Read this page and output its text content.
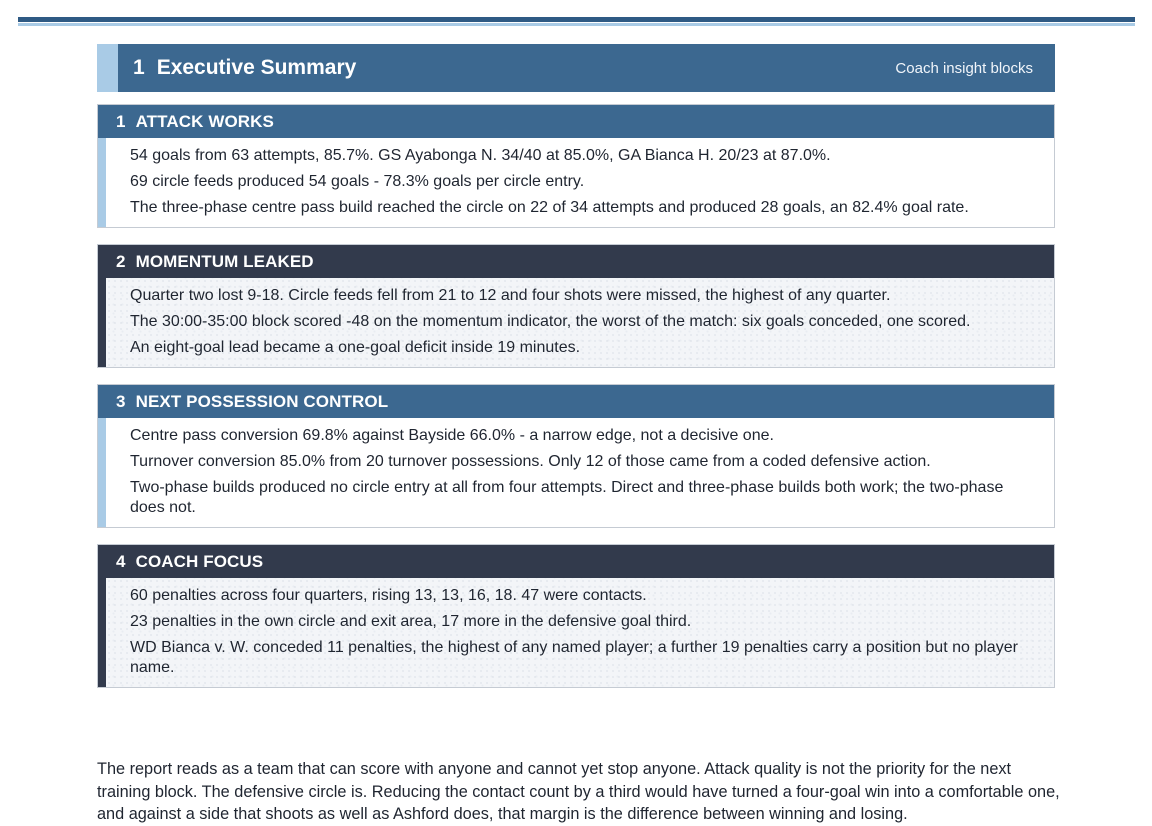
1 Executive Summary	Coach insight blocks
1 ATTACK WORKS

54 goals from 63 attempts, 85.7%. GS Ayabonga N. 34/40 at 85.0%, GA Bianca H. 20/23 at 87.0%.

69 circle feeds produced 54 goals - 78.3% goals per circle entry.

The three-phase centre pass build reached the circle on 22 of 34 attempts and produced 28 goals, an 82.4% goal rate.

2 MOMENTUM LEAKED

Quarter two lost 9-18. Circle feeds fell from 21 to 12 and four shots were missed, the highest of any quarter.

The 30:00-35:00 block scored -48 on the momentum indicator, the worst of the match: six goals conceded, one scored.

An eight-goal lead became a one-goal deficit inside 19 minutes.

3 NEXT POSSESSION CONTROL

Centre pass conversion 69.8% against Bayside 66.0% - a narrow edge, not a decisive one.

Turnover conversion 85.0% from 20 turnover possessions. Only 12 of those came from a coded defensive action.

Two-phase builds produced no circle entry at all from four attempts. Direct and three-phase builds both work; the two-phase does not.

4 COACH FOCUS

60 penalties across four quarters, rising 13, 13, 16, 18. 47 were contacts.

23 penalties in the own circle and exit area, 17 more in the defensive goal third.

WD Bianca v. W. conceded 11 penalties, the highest of any named player; a further 19 penalties carry a position but no player name.

The report reads as a team that can score with anyone and cannot yet stop anyone. Attack quality is not the priority for the next training block. The defensive circle is. Reducing the contact count by a third would have turned a four-goal win into a comfortable one, and against a side that shoots as well as Ashford does, that margin is the difference between winning and losing.
